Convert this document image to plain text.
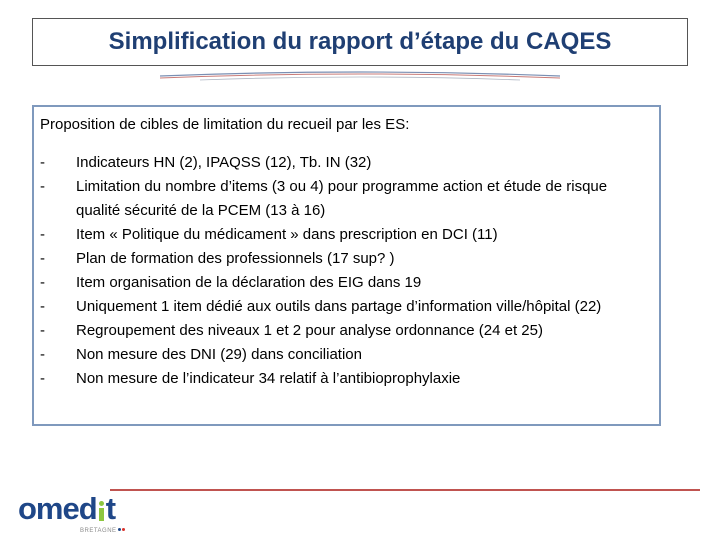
Simplification du rapport d’étape du CAQES

Proposition de cibles de limitation du recueil par les ES:

-	Indicateurs HN (2), IPAQSS (12), Tb. IN (32)
-	Limitation du nombre d’items (3 ou 4) pour programme action et étude de risque qualité sécurité de la PCEM (13 à 16)
-	Item « Politique du médicament » dans prescription en DCI (11)
-	Plan de formation des professionnels (17 sup? )
-	Item organisation de la déclaration des EIG dans 19
-	Uniquement 1 item dédié aux outils dans partage d’information ville/hôpital (22)
-	Regroupement des niveaux 1 et 2 pour analyse ordonnance (24 et 25)
-	Non mesure des DNI (29) dans conciliation
-	Non mesure de l’indicateur 34 relatif à l’antibioprophylaxie
omed t
BRETAGNE
